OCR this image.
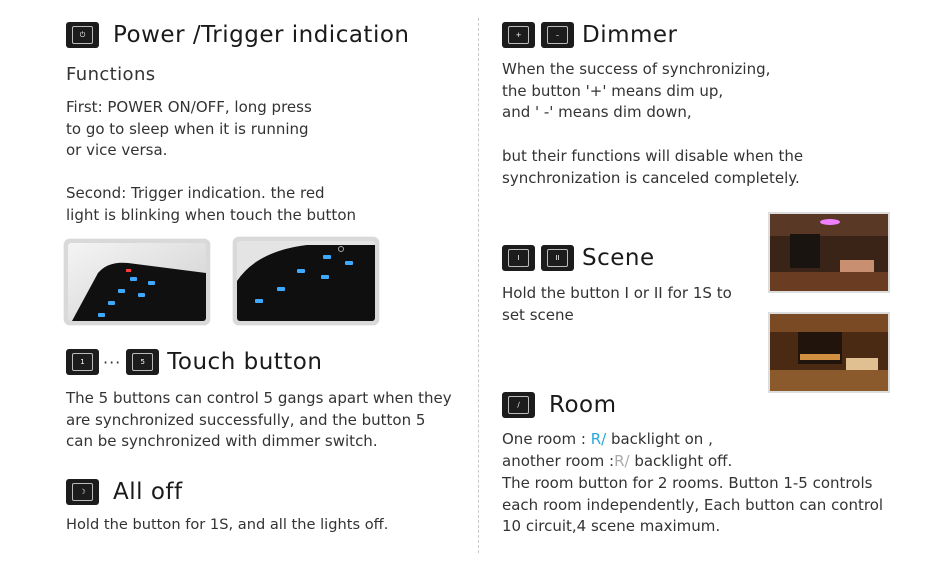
⏻	Power /Trigger indication
Functions
First: POWER ON/OFF, long press
to go to sleep when it is running
or vice versa.
Second: Trigger indication. the red
light is blinking when touch the button
1	···	5 Touch button
The 5 buttons can control 5 gangs apart when they
are synchronized successfully, and the button 5
can be synchronized with dimmer switch.
☽	All off
Hold the button for 1S, and all the lights off.
+	– Dimmer
When the success of synchronizing,
the button '+' means dim up,
and ' -' means dim down,
but their functions will disable when the
synchronization is canceled completely.
I	II Scene
Hold the button I or II for 1S to
set scene
∕	Room
One room : R/ backlight on ,
another room :R/ backlight off.
The room button for 2 rooms. Button 1-5 controls
each room independently, Each button can control
10 circuit,4 scene maximum.
